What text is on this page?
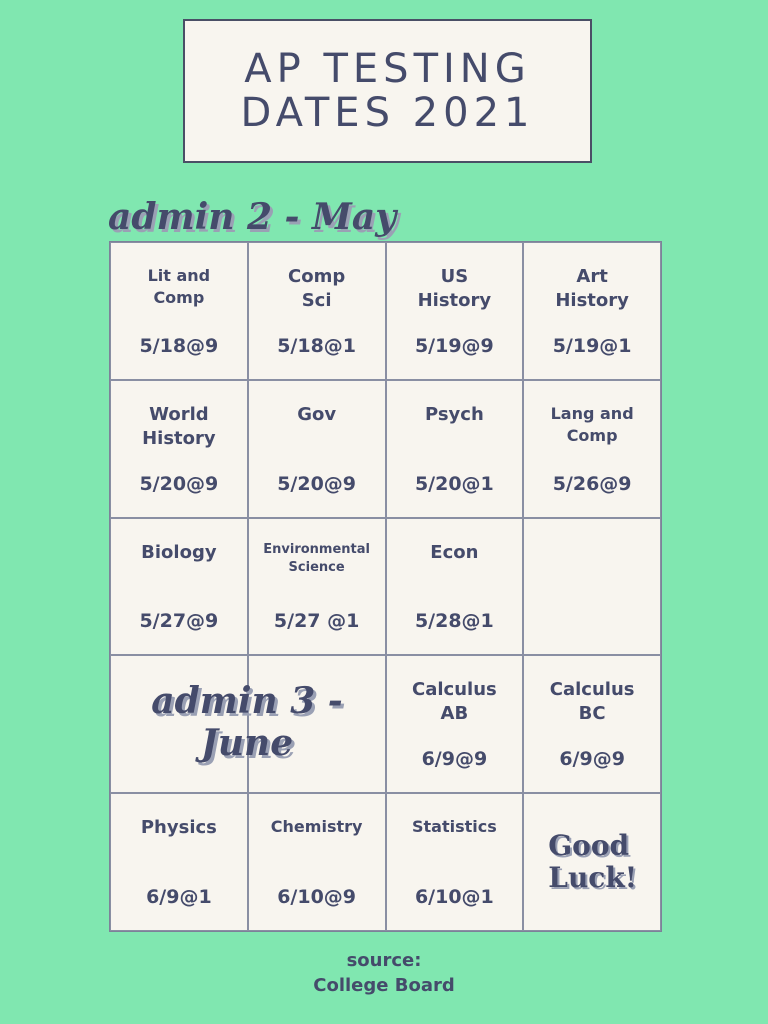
AP TESTING
DATES 2021
admin 2 - May
Lit and
Comp
5/18@9
Comp
Sci
5/18@1
US
History
5/19@9
Art
History
5/19@1
World
History
5/20@9
Gov
5/20@9
Psych
5/20@1
Lang and
Comp
5/26@9
Biology
5/27@9
Environmental
Science
5/27 @1
Econ
5/28@1
Calculus
AB
6/9@9
Calculus
BC
6/9@9
Physics
6/9@1
Chemistry
6/10@9
Statistics
6/10@1
Good
Luck!
admin 3 -
June
source:
College Board
